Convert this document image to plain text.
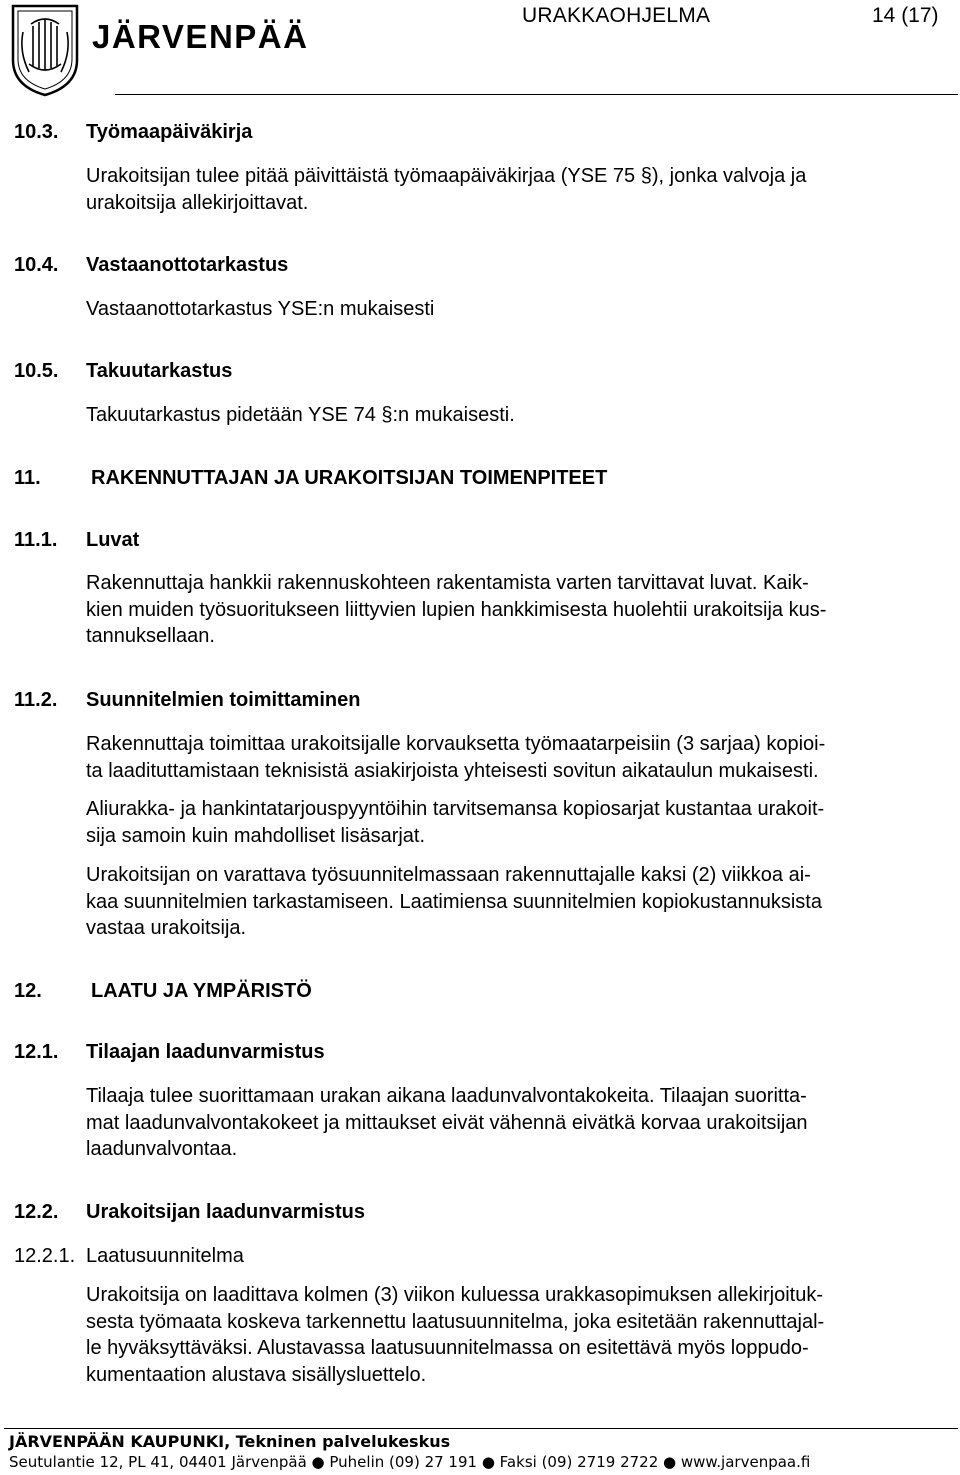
JÄRVENPÄÄ
URAKKAOHJELMA	14 (17)
10.3. Työmaapäiväkirja
Urakoitsijan tulee pitää päivittäistä työmaapäiväkirjaa (YSE 75 §), jonka valvoja ja
urakoitsija allekirjoittavat.
10.4. Vastaanottotarkastus
Vastaanottotarkastus YSE:n mukaisesti
10.5. Takuutarkastus
Takuutarkastus pidetään YSE 74 §:n mukaisesti.
11.	RAKENNUTTAJAN JA URAKOITSIJAN TOIMENPITEET
11.1. Luvat
Rakennuttaja hankkii rakennuskohteen rakentamista varten tarvittavat luvat. Kaik-
kien muiden työsuoritukseen liittyvien lupien hankkimisesta huolehtii urakoitsija kus-
tannuksellaan.
11.2. Suunnitelmien toimittaminen
Rakennuttaja toimittaa urakoitsijalle korvauksetta työmaatarpeisiin (3 sarjaa) kopioi-
ta laadituttamistaan teknisistä asiakirjoista yhteisesti sovitun aikataulun mukaisesti.
Aliurakka- ja hankintatarjouspyyntöihin tarvitsemansa kopiosarjat kustantaa urakoit-
sija samoin kuin mahdolliset lisäsarjat.
Urakoitsijan on varattava työsuunnitelmassaan rakennuttajalle kaksi (2) viikkoa ai-
kaa suunnitelmien tarkastamiseen. Laatimiensa suunnitelmien kopiokustannuksista
vastaa urakoitsija.
12. LAATU JA YMPÄRISTÖ
12.1. Tilaajan laadunvarmistus
Tilaaja tulee suorittamaan urakan aikana laadunvalvontakokeita. Tilaajan suoritta-
mat laadunvalvontakokeet ja mittaukset eivät vähennä eivätkä korvaa urakoitsijan
laadunvalvontaa.
12.2. Urakoitsijan laadunvarmistus
12.2.1. Laatusuunnitelma
Urakoitsija on laadittava kolmen (3) viikon kuluessa urakkasopimuksen allekirjoituk-
sesta työmaata koskeva tarkennettu laatusuunnitelma, joka esitetään rakennuttajal-
le hyväksyttäväksi. Alustavassa laatusuunnitelmassa on esitettävä myös loppudo-
kumentaation alustava sisällysluettelo.
JÄRVENPÄÄN KAUPUNKI, Tekninen palvelukeskus
Seutulantie 12, PL 41, 04401 Järvenpää ● Puhelin (09) 27 191 ● Faksi (09) 2719 2722 ● www.jarvenpaa.fi
